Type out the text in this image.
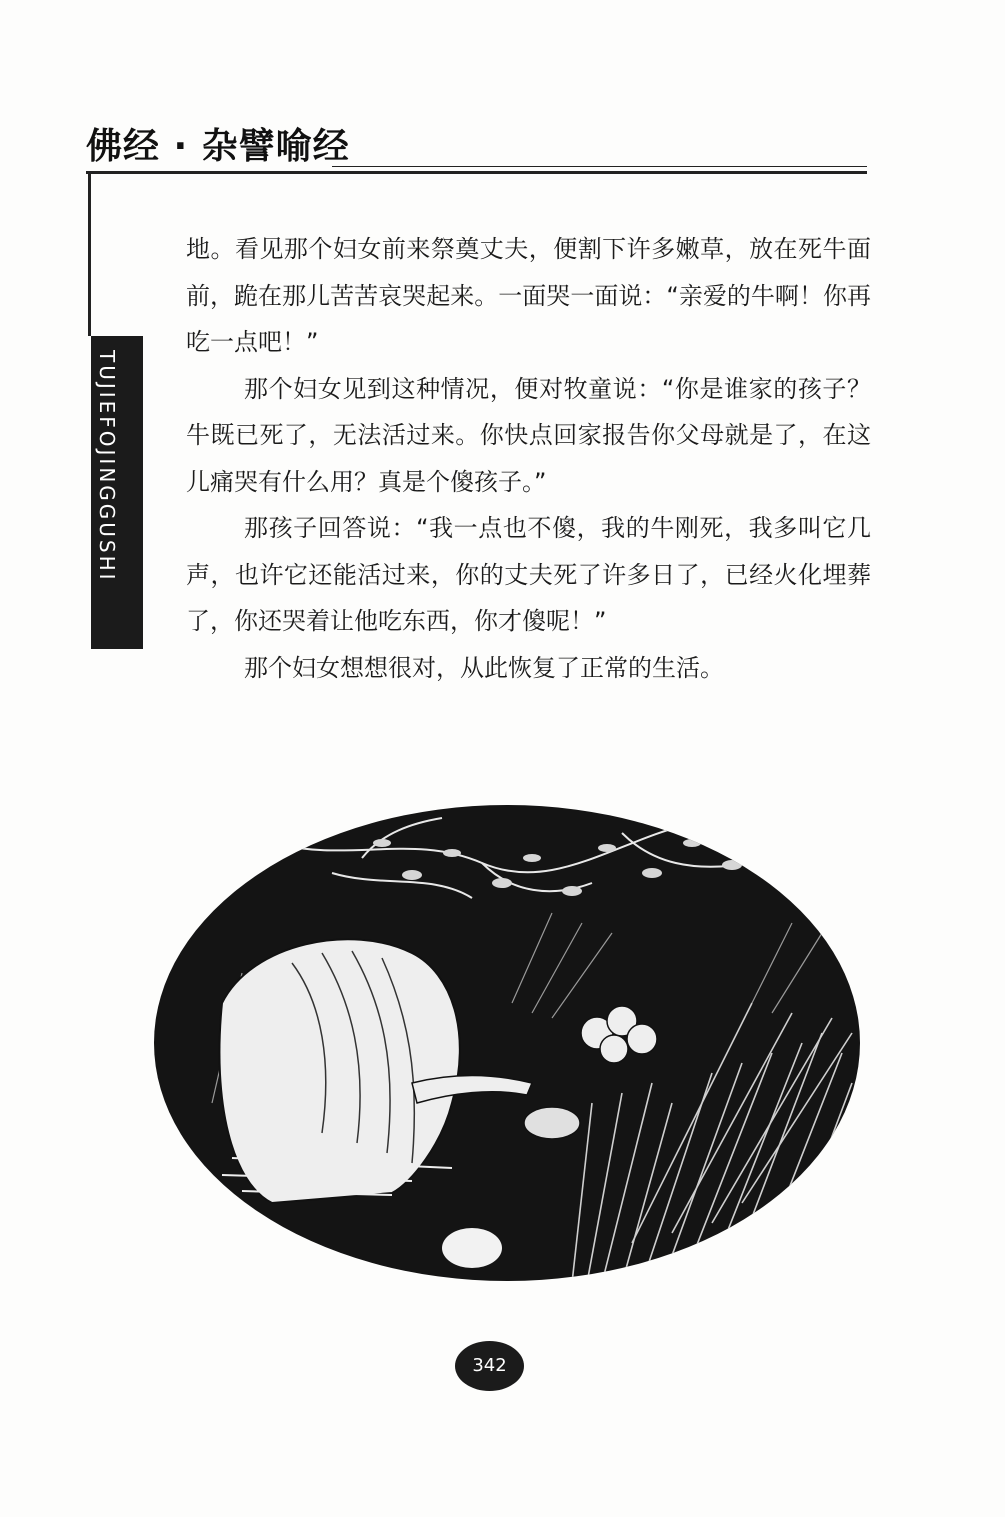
佛经 · 杂譬喻经
TUJIEFOJINGGUSHI

地。看见那个妇女前来祭奠丈夫，便割下许多嫩草，放在死牛面前，跪在那儿苦苦哀哭起来。一面哭一面说：“亲爱的牛啊！你再吃一点吧！”

那个妇女见到这种情况，便对牧童说：“你是谁家的孩子？牛既已死了，无法活过来。你快点回家报告你父母就是了，在这儿痛哭有什么用？真是个傻孩子。”

那孩子回答说：“我一点也不傻，我的牛刚死，我多叫它几声，也许它还能活过来，你的丈夫死了许多日了，已经火化埋葬了，你还哭着让他吃东西，你才傻呢！”

那个妇女想想很对，从此恢复了正常的生活。

342
